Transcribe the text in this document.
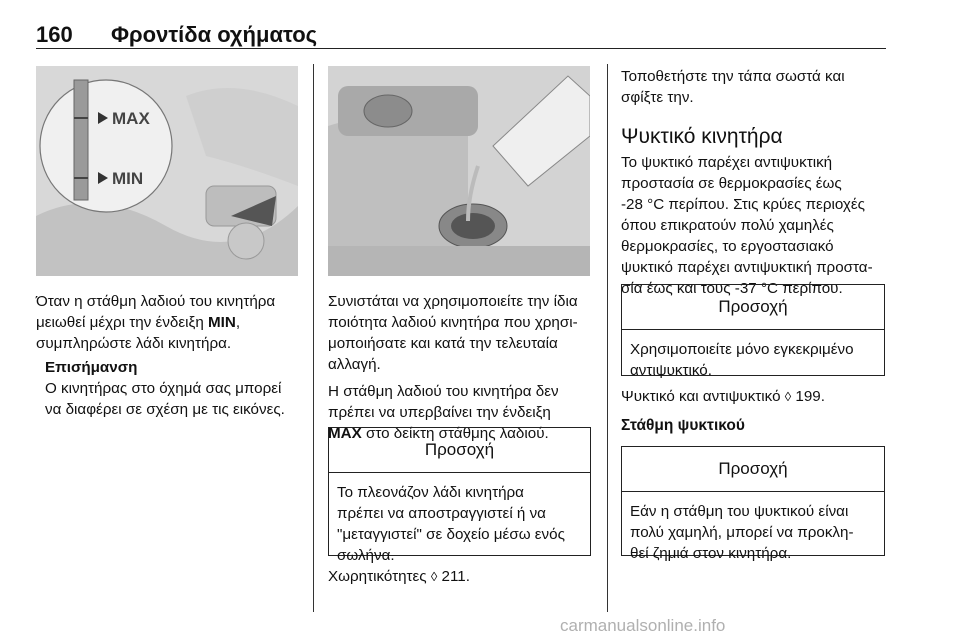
160 Φροντίδα οχήματος
MAX
MIN

Όταν η στάθμη λαδιού του κινητήρα μειωθεί μέχρι την ένδειξη MIN,
συμπληρώστε λάδι κινητήρα.

Επισήμανση
Ο κινητήρας στο όχημά σας μπορεί
να διαφέρει σε σχέση με τις εικόνες.

Συνιστάται να χρησιμοποιείτε την ίδια
ποιότητα λαδιού κινητήρα που χρησι-
μοποιήσατε και κατά την τελευταία
αλλαγή.

Η στάθμη λαδιού του κινητήρα δεν
πρέπει να υπερβαίνει την ένδειξη
MAX στο δείκτη στάθμης λαδιού.

Προσοχή
Το πλεονάζον λάδι κινητήρα
πρέπει να αποστραγγιστεί ή να
"μεταγγιστεί" σε δοχείο μέσω ενός
σωλήνα.
Χωρητικότητες ◊ 211.
Τοποθετήστε την τάπα σωστά και
σφίξτε την.
Ψυκτικό κινητήρα
Το ψυκτικό παρέχει αντιψυκτική
προστασία σε θερμοκρασίες έως
-28 °C περίπου. Στις κρύες περιοχές
όπου επικρατούν πολύ χαμηλές
θερμοκρασίες, το εργοστασιακό
ψυκτικό παρέχει αντιψυκτική προστα-
σία έως και τους -37 °C περίπου.
Προσοχή
Χρησιμοποιείτε μόνο εγκεκριμένο
αντιψυκτικό.
Ψυκτικό και αντιψυκτικό ◊ 199.
Στάθμη ψυκτικού
Προσοχή
Εάν η στάθμη του ψυκτικού είναι
πολύ χαμηλή, μπορεί να προκλη-
θεί ζημιά στον κινητήρα.
carmanualsonline.info
